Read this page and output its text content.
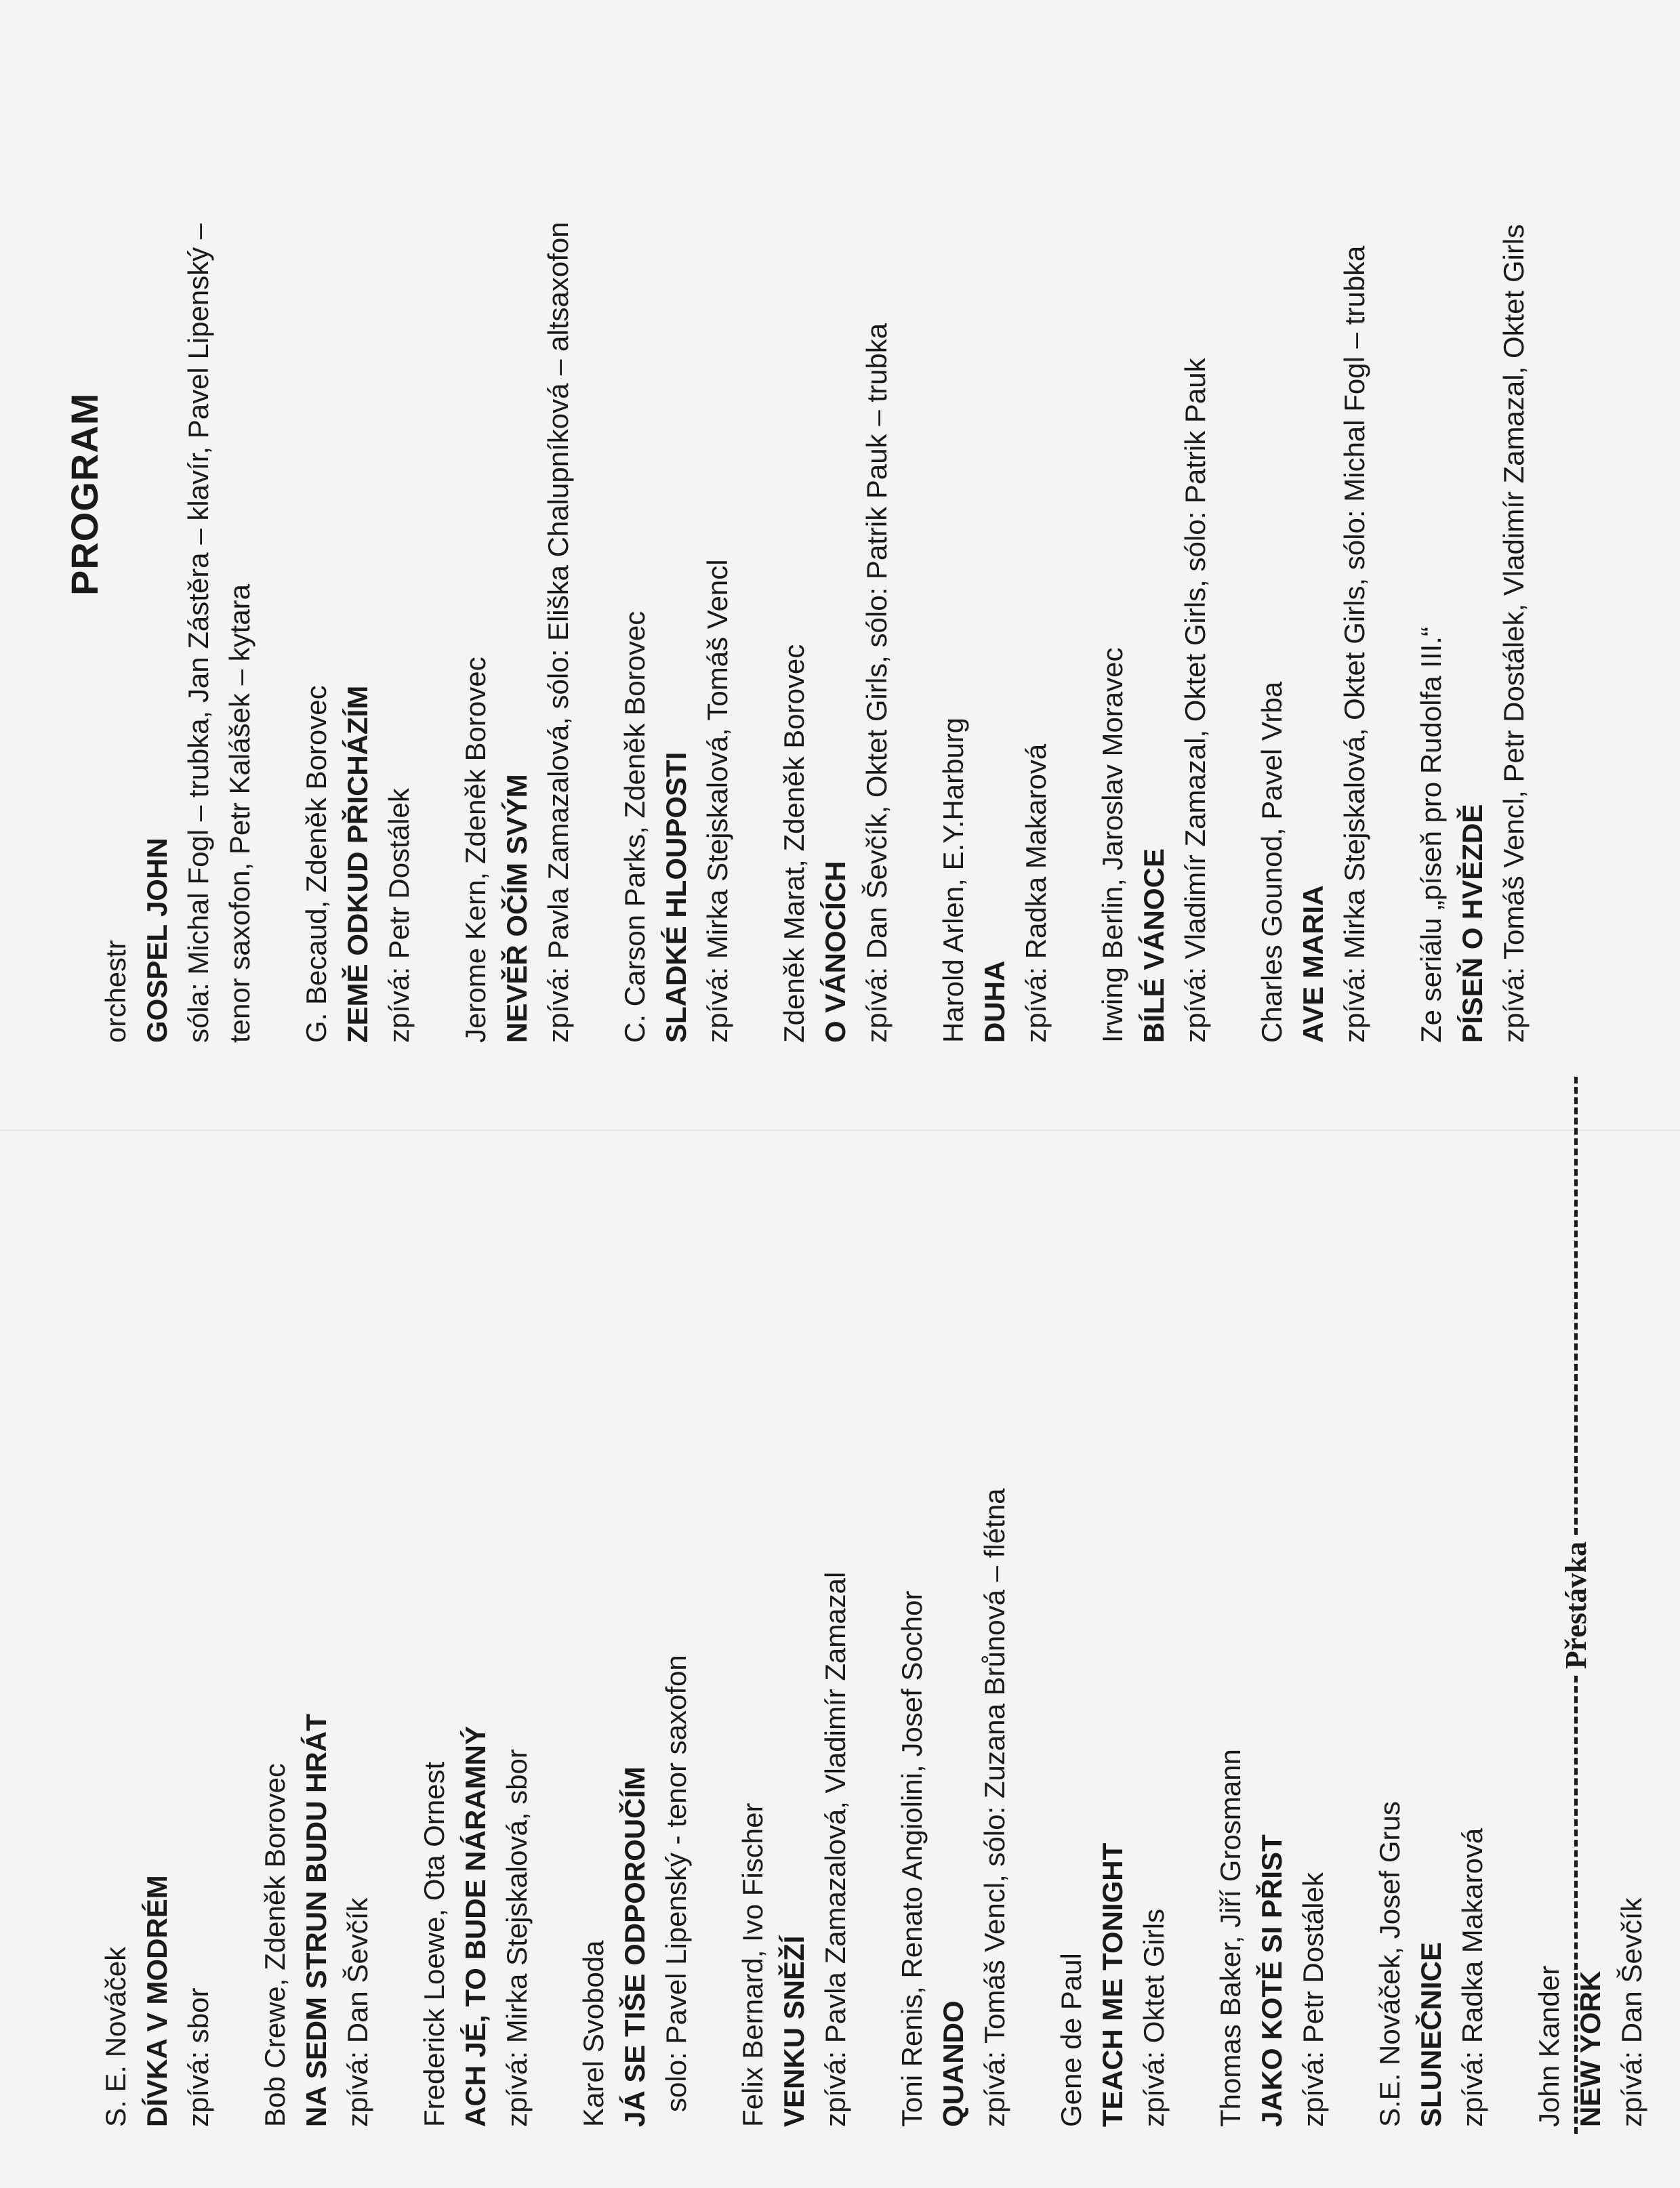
S. E. Nováček DÍVKA V MODRÉM zpívá: sbor Bob Crewe, Zdeněk Borovec NA SEDM STRUN BUDU HRÁT zpívá: Dan Ševčík Frederick Loewe, Ota Ornest ACH JÉ, TO BUDE NÁRAMNÝ zpívá: Mirka Stejskalová, sbor Karel Svoboda JÁ SE TIŠE ODPOROUČÍM solo: Pavel Lipenský - tenor saxofon Felix Bernard, Ivo Fischer VENKU SNĚŽÍ zpívá: Pavla Zamazalová, Vladimír Zamazal Toni Renis, Renato Angiolini, Josef Sochor QUANDO zpívá: Tomáš Vencl, sólo: Zuzana Brůnová – flétna Gene de Paul TEACH ME TONIGHT zpívá: Oktet Girls Thomas Baker, Jiří Grosmann JAKO KOTĚ SI PŘIST zpívá: Petr Dostálek S.E. Nováček, Josef Grus SLUNEČNICE zpívá: Radka Makarová John Kander NEW YORK zpívá: Dan Ševčík
PROGRAM
orchestr GOSPEL JOHN sóla: Michal Fogl – trubka, Jan Zástěra – klavír, Pavel Lipenský – tenor saxofon, Petr Kalášek – kytara G. Becaud, Zdeněk Borovec ZEMĚ ODKUD PŘICHÁZÍM zpívá: Petr Dostálek Jerome Kern, Zdeněk Borovec NEVĚŘ OČÍM SVÝM zpívá: Pavla Zamazalová, sólo: Eliška Chalupníková – altsaxofon C. Carson Parks, Zdeněk Borovec SLADKÉ HLOUPOSTI zpívá: Mirka Stejskalová, Tomáš Vencl Zdeněk Marat, Zdeněk Borovec O VÁNOCÍCH zpívá: Dan Ševčík, Oktet Girls, sólo: Patrik Pauk – trubka Harold Arlen, E.Y.Harburg DUHA zpívá: Radka Makarová Irwing Berlin, Jaroslav Moravec BÍLÉ VÁNOCE zpívá: Vladimír Zamazal, Oktet Girls, sólo: Patrik Pauk Charles Gounod, Pavel Vrba AVE MARIA zpívá: Mirka Stejskalová, Oktet Girls, sólo: Michal Fogl – trubka Ze seriálu „píseň pro Rudolfa III.“ PÍSEŇ O HVĚZDĚ zpívá: Tomáš Vencl, Petr Dostálek, Vladimír Zamazal, Oktet Girls
Přestávka
